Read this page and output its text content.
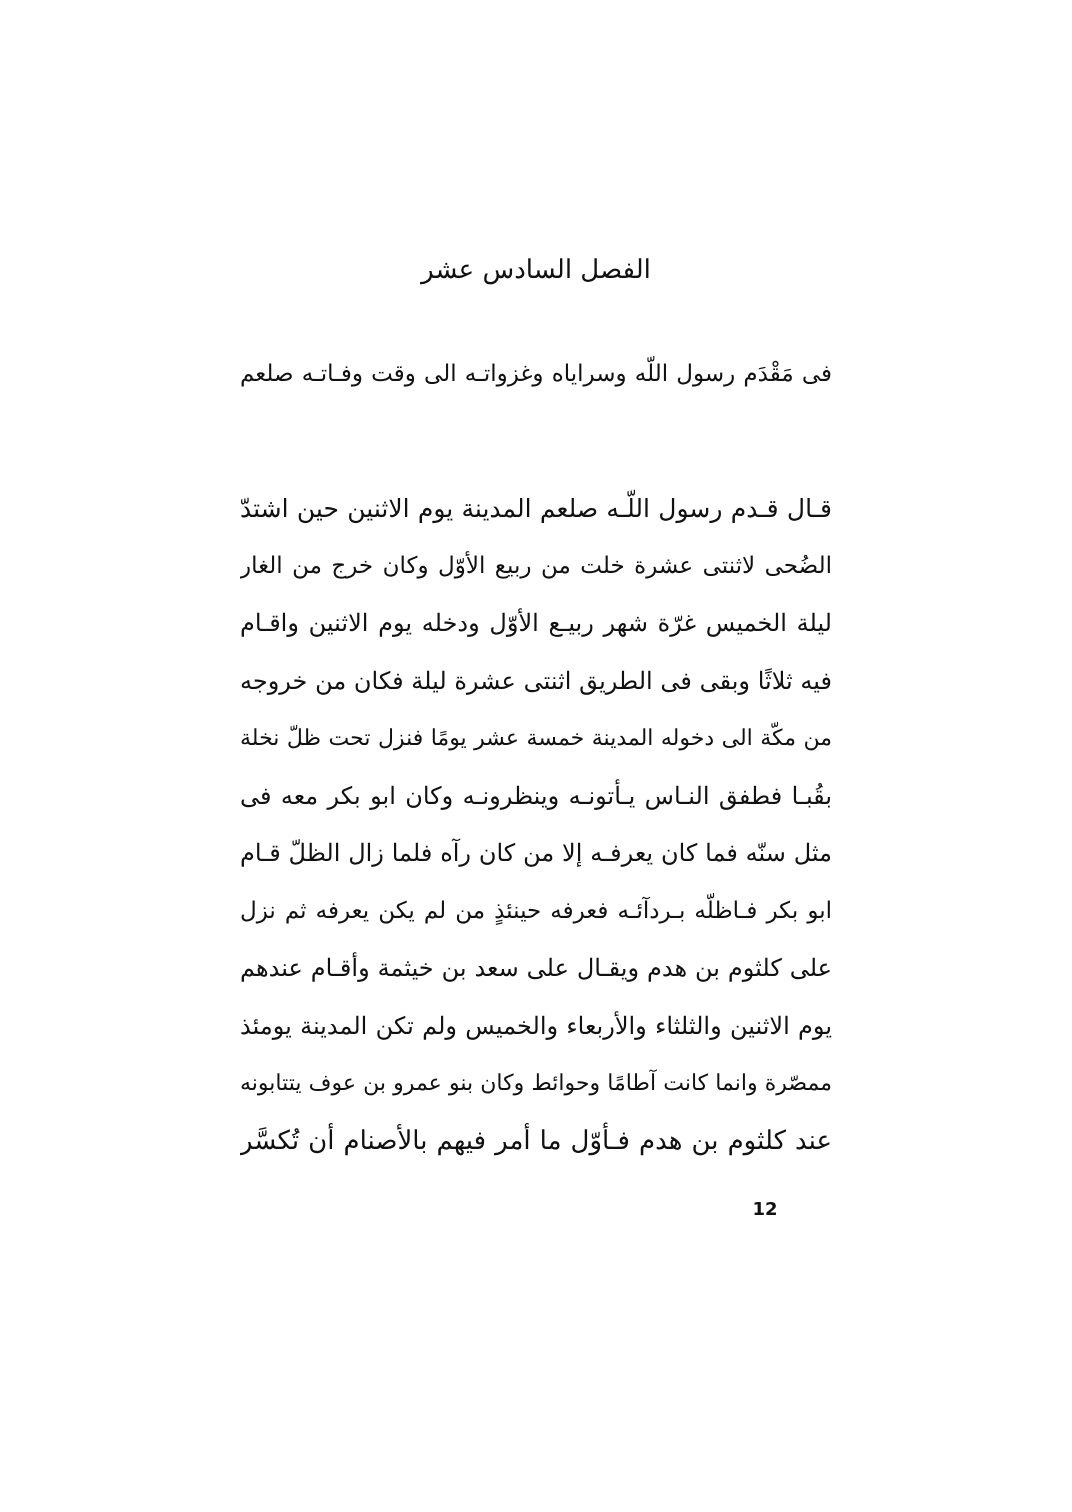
الفصل السادس عشر
فى مَقْدَم رسول اللّه وسراياه وغزواتـه الى وقت وفـاتـه صلعم
قـال قـدم رسول اللّـه صلعم المدينة يوم الاثنين حين اشتدّ
الضُحى لاثنتى عشرة خلت من ربيع الأوّل وكان خرج من الغار
ليلة الخميس غرّة شهر ربيـع الأوّل ودخله يوم الاثنين واقـام
فيه ثلاثًا وبقى فى الطريق اثنتى عشرة ليلة فكان من خروجه
من مكّة الى دخوله المدينة خمسة عشر يومًا فنزل تحت ظلّ نخلة
بقُبـا فطفق النـاس يـأتونـه وينظرونـه وكان ابو بكر معه فى
مثل سنّه فما كان يعرفـه إلا من كان رآه فلما زال الظلّ قـام
ابو بكر فـاظلّه بـردآئـه فعرفه حينئذٍ من لم يكن يعرفه ثم نزل
على كلثوم بن هدم ويقـال على سعد بن خيثمة وأقـام عندهم
يوم الاثنين والثلثاء والأربعاء والخميس ولم تكن المدينة يومئذ
ممصّرة وانما كانت آطامًا وحوائط وكان بنو عمرو بن عوف يتتابونه
عند كلثوم بن هدم فـأوّل ما أمر فيهم بالأصنام أن تُكسَّر
12
